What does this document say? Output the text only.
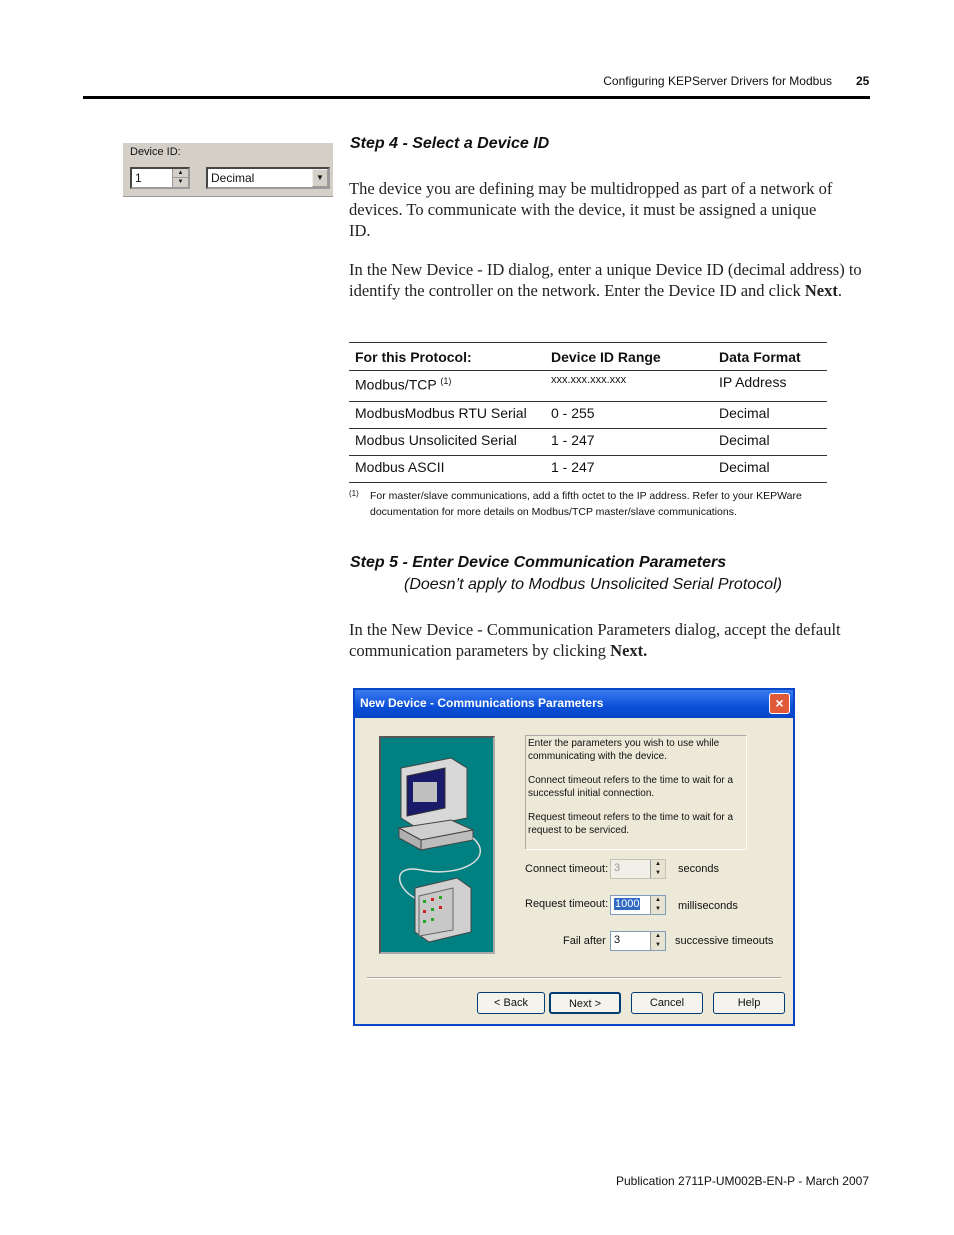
Configuring KEPServer Drivers for Modbus 25
Device ID:
1	▲
▼	Decimal	▼
Step 4 - Select a Device ID

The device you are defining may be multidropped as part of a network of devices. To communicate with the device, it must be assigned a unique ID.

In the New Device - ID dialog, enter a unique Device ID (decimal address) to identify the controller on the network. Enter the Device ID and click Next.

For this Protocol:	Device ID Range	Data Format
Modbus/TCP $^{(1)}$	xxx.xxx.xxx.xxx	IP Address
ModbusModbus RTU Serial	0 - 255	Decimal
Modbus Unsolicited Serial	1 - 247	Decimal
Modbus ASCII	1 - 247	Decimal
(1) For master/slave communications, add a fifth octet to the IP address. Refer to your KEPWare documentation for more details on Modbus/TCP master/slave communications.
Step 5 - Enter Device Communication Parameters
(Doesn’t apply to Modbus Unsolicited Serial Protocol)

In the New Device - Communication Parameters dialog, accept the default communication parameters by clicking Next.

New Device - Communications Parameters	×

Enter the parameters you wish to use while communicating with the device.

Connect timeout refers to the time to wait for a successful initial connection.

Request timeout refers to the time to wait for a request to be serviced.

Connect timeout: 3	▲
▼	seconds
Request timeout: 1000	▲
▼	milliseconds
Fail after 3	▲
▼	successive timeouts
< Back	Next >	Cancel	Help
Publication 2711P-UM002B-EN-P - March 2007
